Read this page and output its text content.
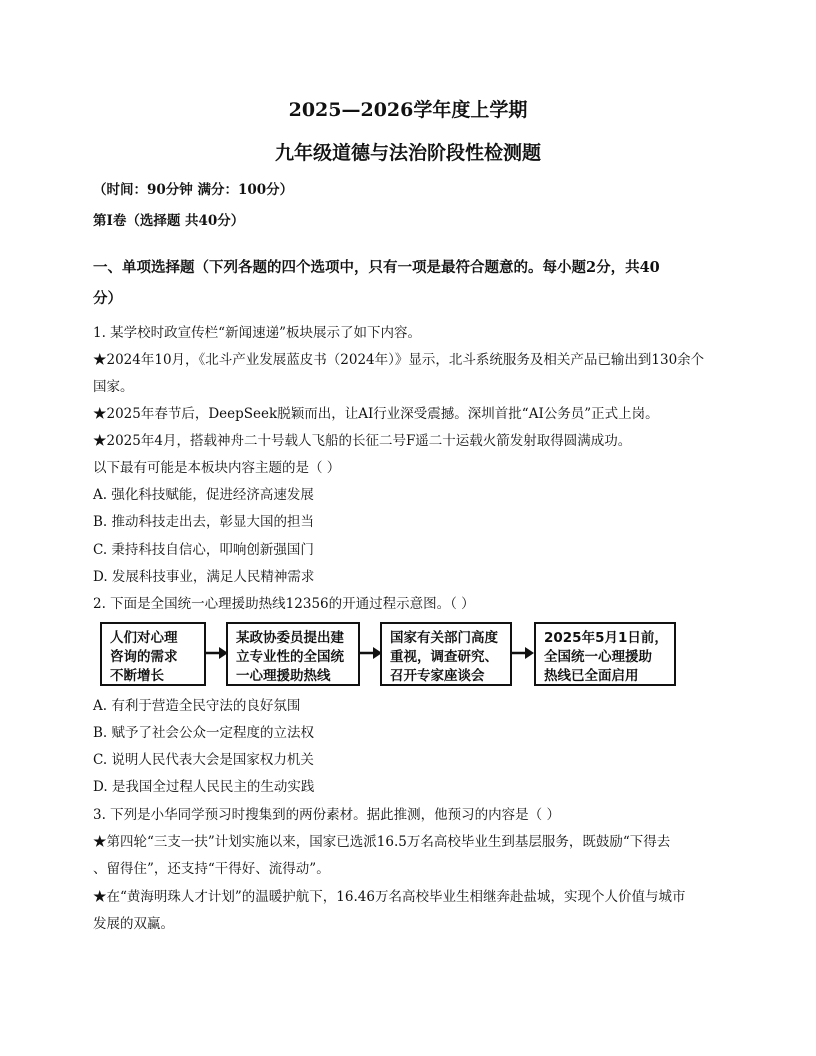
2025—2026学年度上学期
九年级道德与法治阶段性检测题
（时间：90分钟 满分：100分）
第Ⅰ卷（选择题 共40分）
一、单项选择题（下列各题的四个选项中，只有一项是最符合题意的。每小题2分，共40
分）
1. 某学校时政宣传栏“新闻速递”板块展示了如下内容。
★2024年10月，《北斗产业发展蓝皮书（2024年）》显示，北斗系统服务及相关产品已输出到130余个
国家。
★2025年春节后，DeepSeek脱颖而出，让AI行业深受震撼。深圳首批“AI公务员”正式上岗。
★2025年4月，搭载神舟二十号载人飞船的长征二号F遥二十运载火箭发射取得圆满成功。
以下最有可能是本板块内容主题的是（ ）
A. 强化科技赋能，促进经济高速发展
B. 推动科技走出去，彰显大国的担当
C. 秉持科技自信心，叩响创新强国门
D. 发展科技事业，满足人民精神需求
2. 下面是全国统一心理援助热线12356的开通过程示意图。（ ）
人们对心理
咨询的需求
不断增长
某政协委员提出建
立专业性的全国统
一心理援助热线
国家有关部门高度
重视，调查研究、
召开专家座谈会
2025年5月1日前，
全国统一心理援助
热线已全面启用
A. 有利于营造全民守法的良好氛围
B. 赋予了社会公众一定程度的立法权
C. 说明人民代表大会是国家权力机关
D. 是我国全过程人民民主的生动实践
3. 下列是小华同学预习时搜集到的两份素材。据此推测，他预习的内容是（ ）
★第四轮“三支一扶”计划实施以来，国家已选派16.5万名高校毕业生到基层服务，既鼓励“下得去
、留得住”，还支持“干得好、流得动”。
★在“黄海明珠人才计划”的温暖护航下，16.46万名高校毕业生相继奔赴盐城，实现个人价值与城市
发展的双赢。
